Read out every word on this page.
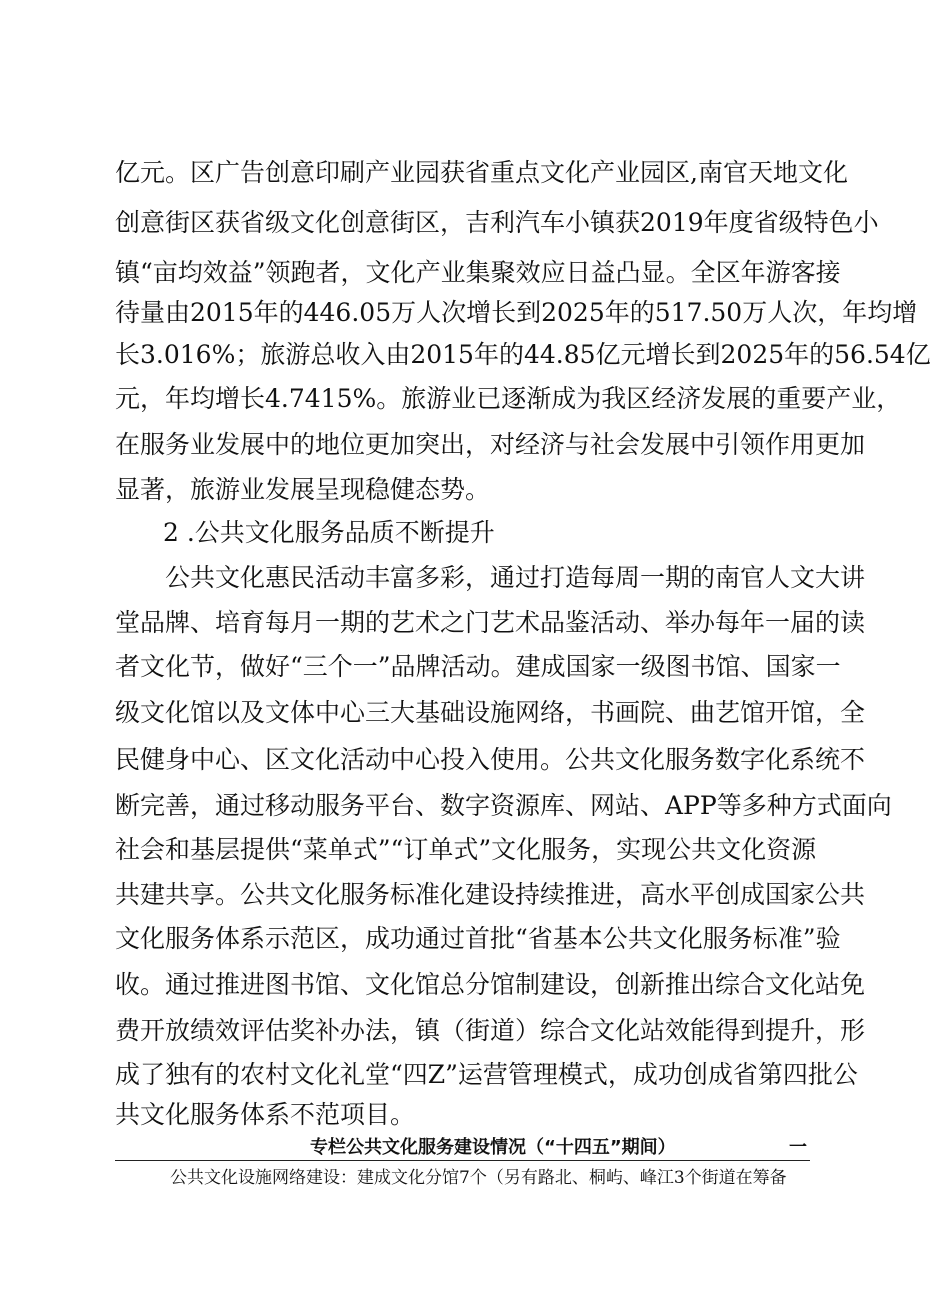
亿元。区广告创意印刷产业园获省重点文化产业园区,南官天地文化
创意街区获省级文化创意街区，吉利汽车小镇获2019年度省级特色小
镇“亩均效益”领跑者，文化产业集聚效应日益凸显。全区年游客接
待量由2015年的446.05万人次增长到2025年的517.50万人次，年均增
长3.016%；旅游总收入由2015年的44.85亿元增长到2025年的56.54亿
元，年均增长4.7415%。旅游业已逐渐成为我区经济发展的重要产业，
在服务业发展中的地位更加突出，对经济与社会发展中引领作用更加
显著，旅游业发展呈现稳健态势。
2 .公共文化服务品质不断提升
公共文化惠民活动丰富多彩，通过打造每周一期的南官人文大讲
堂品牌、培育每月一期的艺术之门艺术品鉴活动、举办每年一届的读
者文化节，做好“三个一”品牌活动。建成国家一级图书馆、国家一
级文化馆以及文体中心三大基础设施网络，书画院、曲艺馆开馆，全
民健身中心、区文化活动中心投入使用。公共文化服务数字化系统不
断完善，通过移动服务平台、数字资源库、网站、APP等多种方式面向
社会和基层提供“菜单式”“订单式”文化服务，实现公共文化资源
共建共享。公共文化服务标准化建设持续推进，高水平创成国家公共
文化服务体系示范区，成功通过首批“省基本公共文化服务标准”验
收。通过推进图书馆、文化馆总分馆制建设，创新推出综合文化站免
费开放绩效评估奖补办法，镇（街道）综合文化站效能得到提升，形
成了独有的农村文化礼堂“四Z”运营管理模式，成功创成省第四批公
共文化服务体系不范项目。
专栏公共文化服务建设情况（“十四五”期间）	一
公共文化设施网络建设：建成文化分馆7个（另有路北、桐屿、峰江3个街道在筹备
